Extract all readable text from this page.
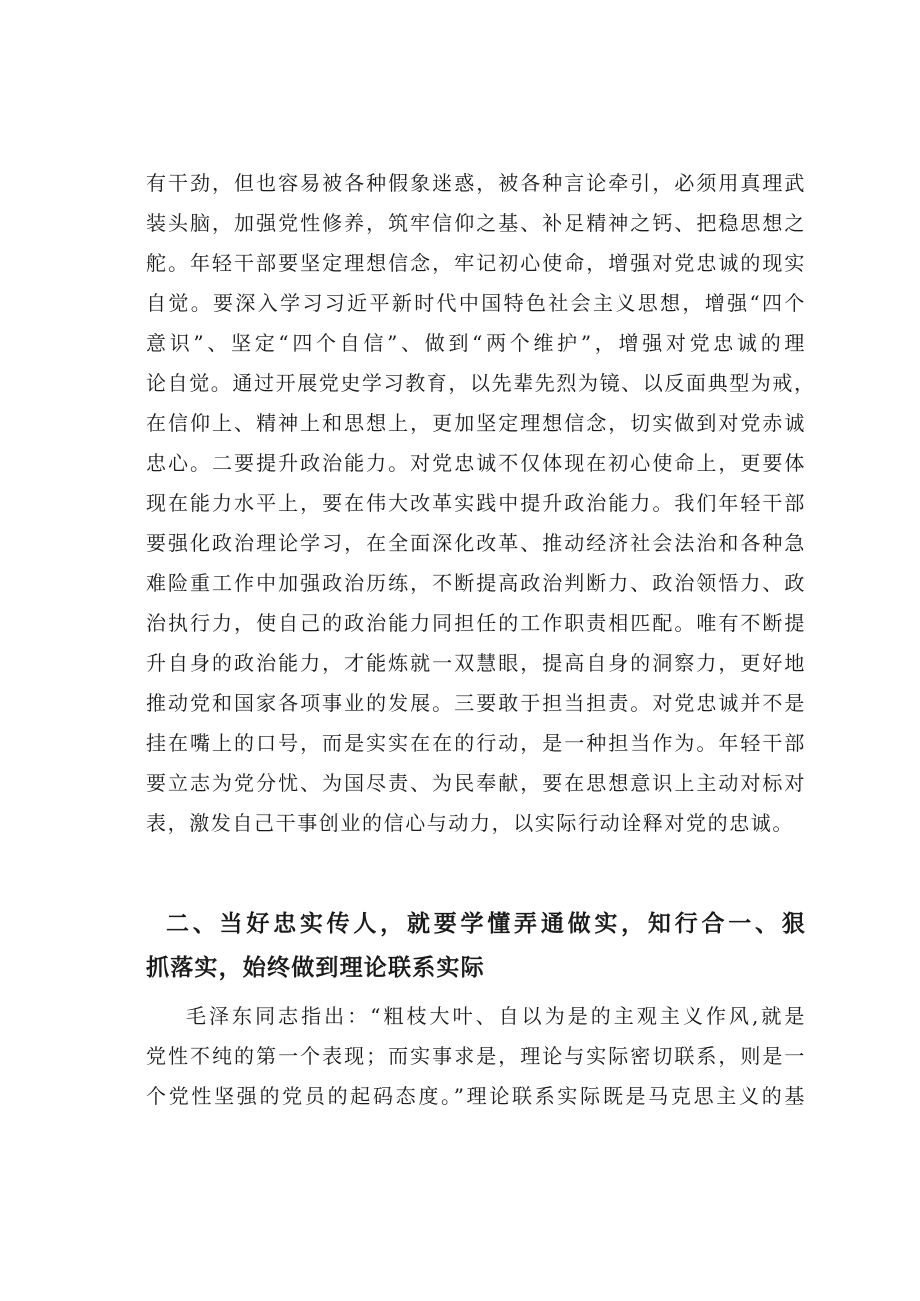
有干劲，但也容易被各种假象迷惑，被各种言论牵引，必须用真理武
装头脑，加强党性修养，筑牢信仰之基、补足精神之钙、把稳思想之
舵。年轻干部要坚定理想信念，牢记初心使命，增强对党忠诚的现实
自觉。要深入学习习近平新时代中国特色社会主义思想，增强“四个
意识”、坚定“四个自信”、做到“两个维护”，增强对党忠诚的理
论自觉。通过开展党史学习教育，以先辈先烈为镜、以反面典型为戒，
在信仰上、精神上和思想上，更加坚定理想信念，切实做到对党赤诚
忠心。二要提升政治能力。对党忠诚不仅体现在初心使命上，更要体
现在能力水平上，要在伟大改革实践中提升政治能力。我们年轻干部
要强化政治理论学习，在全面深化改革、推动经济社会法治和各种急
难险重工作中加强政治历练，不断提高政治判断力、政治领悟力、政
治执行力，使自己的政治能力同担任的工作职责相匹配。唯有不断提
升自身的政治能力，才能炼就一双慧眼，提高自身的洞察力，更好地
推动党和国家各项事业的发展。三要敢于担当担责。对党忠诚并不是
挂在嘴上的口号，而是实实在在的行动，是一种担当作为。年轻干部
要立志为党分忧、为国尽责、为民奉献，要在思想意识上主动对标对
表，激发自己干事创业的信心与动力，以实际行动诠释对党的忠诚。
二、当好忠实传人，就要学懂弄通做实，知行合一、狠
抓落实，始终做到理论联系实际
毛泽东同志指出：“粗枝大叶、自以为是的主观主义作风,就是
党性不纯的第一个表现；而实事求是，理论与实际密切联系，则是一
个党性坚强的党员的起码态度。”理论联系实际既是马克思主义的基
